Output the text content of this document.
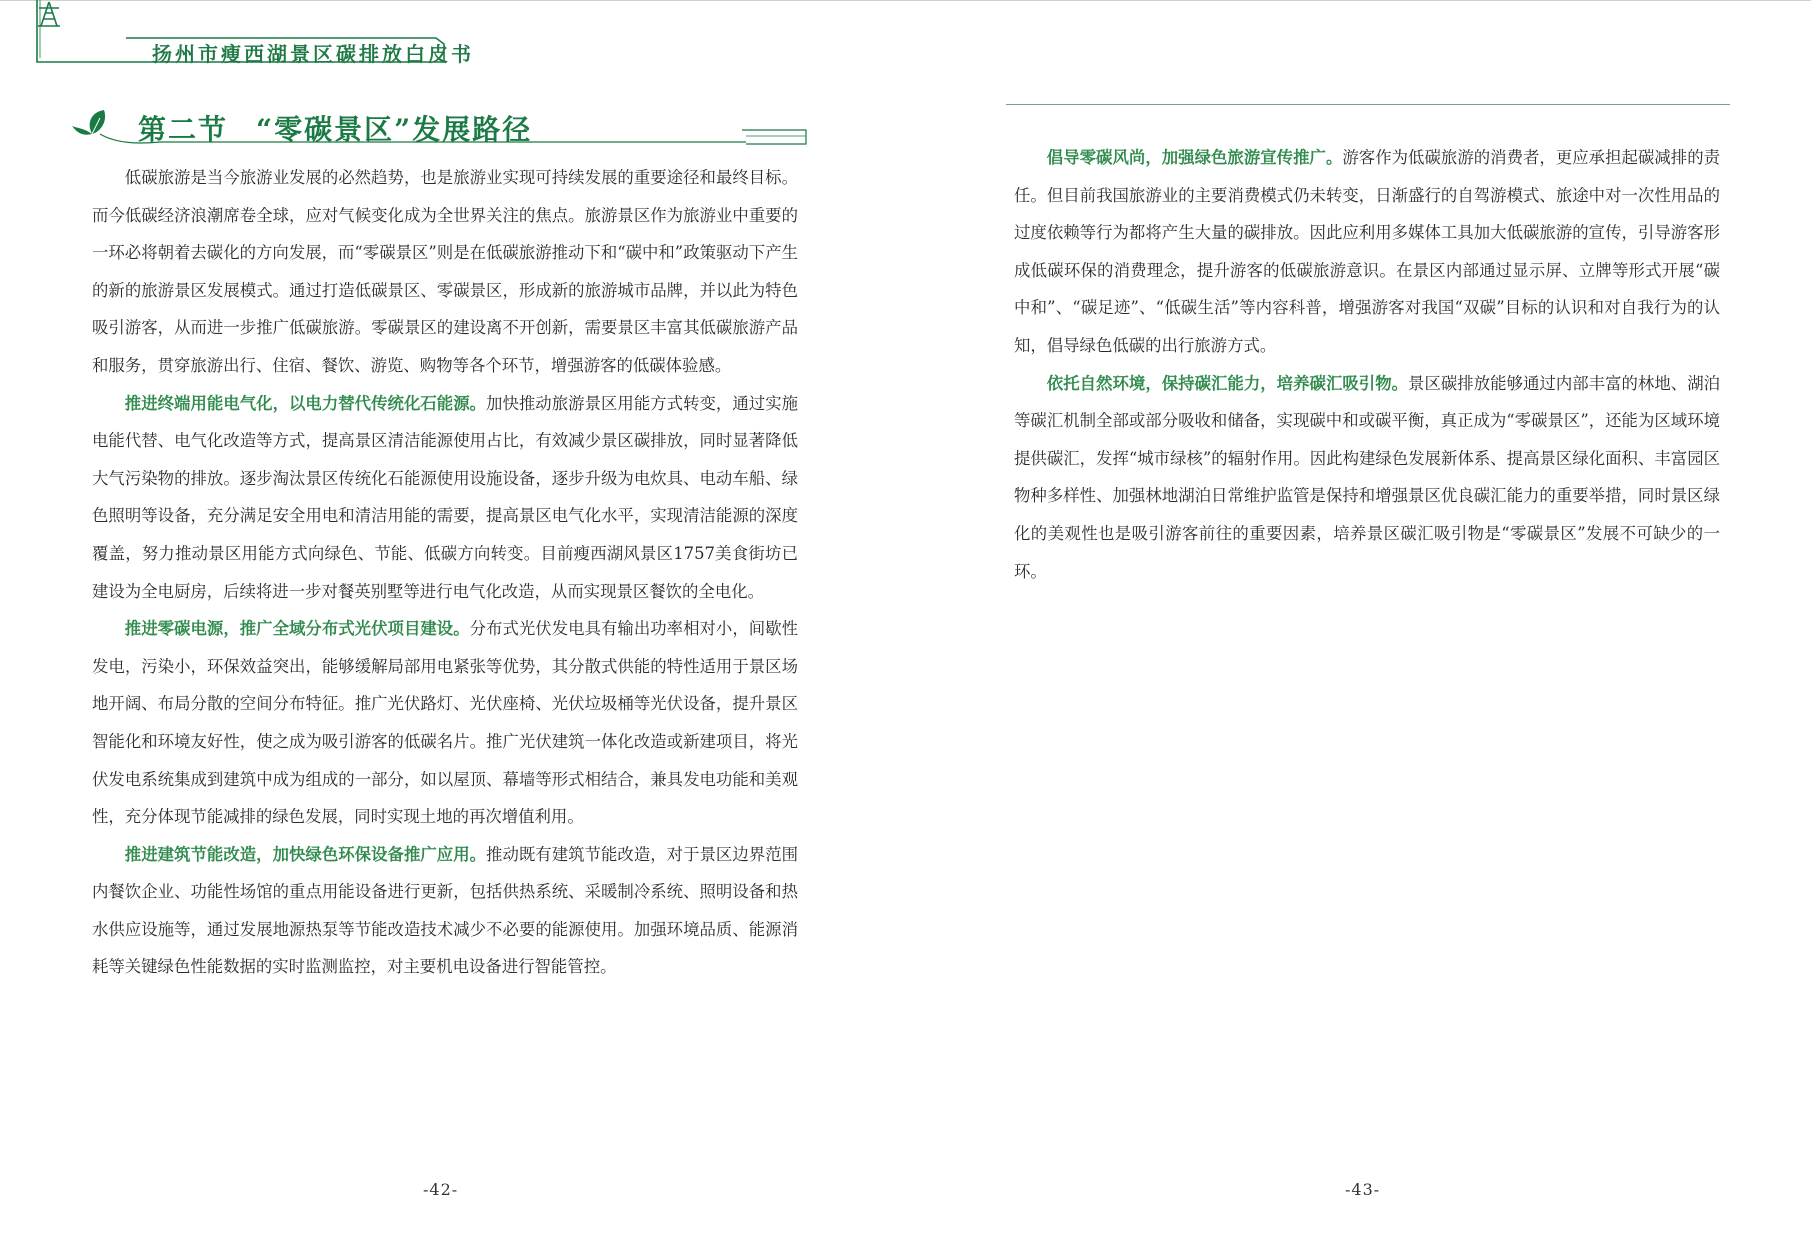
扬州市瘦西湖景区碳排放白皮书
第二节 “零碳景区”发展路径

低碳旅游是当今旅游业发展的必然趋势，也是旅游业实现可持续发展的重要途径和最终目标。而今低碳经济浪潮席卷全球，应对气候变化成为全世界关注的焦点。旅游景区作为旅游业中重要的一环必将朝着去碳化的方向发展，而“零碳景区”则是在低碳旅游推动下和“碳中和”政策驱动下产生的新的旅游景区发展模式。通过打造低碳景区、零碳景区，形成新的旅游城市品牌，并以此为特色吸引游客，从而进一步推广低碳旅游。零碳景区的建设离不开创新，需要景区丰富其低碳旅游产品和服务，贯穿旅游出行、住宿、餐饮、游览、购物等各个环节，增强游客的低碳体验感。

推进终端用能电气化，以电力替代传统化石能源。加快推动旅游景区用能方式转变，通过实施电能代替、电气化改造等方式，提高景区清洁能源使用占比，有效减少景区碳排放，同时显著降低大气污染物的排放。逐步淘汰景区传统化石能源使用设施设备，逐步升级为电炊具、电动车船、绿色照明等设备，充分满足安全用电和清洁用能的需要，提高景区电气化水平，实现清洁能源的深度覆盖，努力推动景区用能方式向绿色、节能、低碳方向转变。目前瘦西湖风景区1757美食街坊已建设为全电厨房，后续将进一步对餐英别墅等进行电气化改造，从而实现景区餐饮的全电化。

推进零碳电源，推广全域分布式光伏项目建设。分布式光伏发电具有输出功率相对小，间歇性发电，污染小，环保效益突出，能够缓解局部用电紧张等优势，其分散式供能的特性适用于景区场地开阔、布局分散的空间分布特征。推广光伏路灯、光伏座椅、光伏垃圾桶等光伏设备，提升景区智能化和环境友好性，使之成为吸引游客的低碳名片。推广光伏建筑一体化改造或新建项目，将光伏发电系统集成到建筑中成为组成的一部分，如以屋顶、幕墙等形式相结合，兼具发电功能和美观性，充分体现节能减排的绿色发展，同时实现土地的再次增值利用。

推进建筑节能改造，加快绿色环保设备推广应用。推动既有建筑节能改造，对于景区边界范围内餐饮企业、功能性场馆的重点用能设备进行更新，包括供热系统、采暖制冷系统、照明设备和热水供应设施等，通过发展地源热泵等节能改造技术减少不必要的能源使用。加强环境品质、能源消耗等关键绿色性能数据的实时监测监控，对主要机电设备进行智能管控。

倡导零碳风尚，加强绿色旅游宣传推广。游客作为低碳旅游的消费者，更应承担起碳减排的责任。但目前我国旅游业的主要消费模式仍未转变，日渐盛行的自驾游模式、旅途中对一次性用品的过度依赖等行为都将产生大量的碳排放。因此应利用多媒体工具加大低碳旅游的宣传，引导游客形成低碳环保的消费理念，提升游客的低碳旅游意识。在景区内部通过显示屏、立牌等形式开展“碳中和”、“碳足迹”、“低碳生活”等内容科普，增强游客对我国“双碳”目标的认识和对自我行为的认知，倡导绿色低碳的出行旅游方式。

依托自然环境，保持碳汇能力，培养碳汇吸引物。景区碳排放能够通过内部丰富的林地、湖泊等碳汇机制全部或部分吸收和储备，实现碳中和或碳平衡，真正成为“零碳景区”，还能为区域环境提供碳汇，发挥“城市绿核”的辐射作用。因此构建绿色发展新体系、提高景区绿化面积、丰富园区物种多样性、加强林地湖泊日常维护监管是保持和增强景区优良碳汇能力的重要举措，同时景区绿化的美观性也是吸引游客前往的重要因素，培养景区碳汇吸引物是“零碳景区”发展不可缺少的一环。

-42-	-43-
